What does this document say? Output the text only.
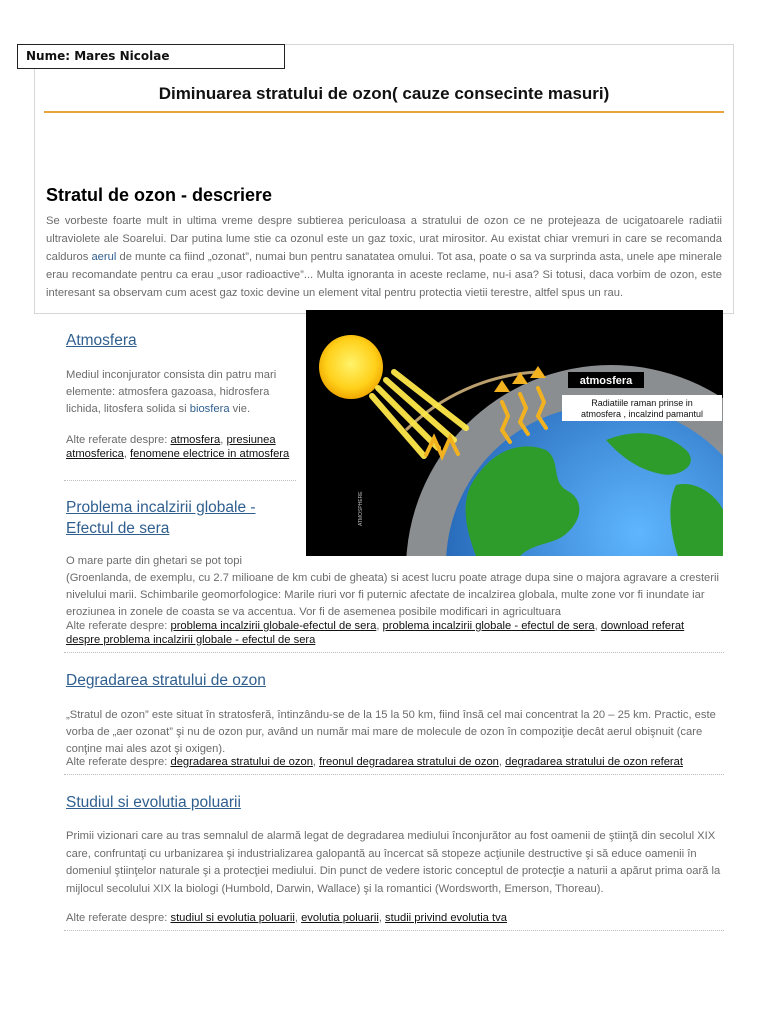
Nume: Mares Nicolae
Diminuarea stratului de ozon( cauze consecinte masuri)
Stratul de ozon - descriere
Se vorbeste foarte mult in ultima vreme despre subtierea periculoasa a stratului de ozon ce ne protejeaza de ucigatoarele radiatii ultraviolete ale Soarelui. Dar putina lume stie ca ozonul este un gaz toxic, urat mirositor. Au existat chiar vremuri in care se recomanda calduros aerul de munte ca fiind „ozonat”, numai bun pentru sanatatea omului. Tot asa, poate o sa va surprinda asta, unele ape minerale erau recomandate pentru ca erau „usor radioactive”... Multa ignoranta in aceste reclame, nu-i asa? Si totusi, daca vorbim de ozon, este interesant sa observam cum acest gaz toxic devine un element vital pentru protectia vietii terestre, altfel spus un rau.
atmosfera
Radiatiile raman prinse in
atmosfera , incalzind pamantul
ATMOSPHERE
Atmosfera
Mediul inconjurator consista din patru mari elemente: atmosfera gazoasa, hidrosfera lichida, litosfera solida si biosfera vie.
Alte referate despre: atmosfera, presiunea atmosferica, fenomene electrice in atmosfera
Problema incalzirii globale - Efectul de sera
O mare parte din ghetari se pot topi
(Groenlanda, de exemplu, cu 2.7 milioane de km cubi de gheata) si acest lucru poate atrage dupa sine o majora agravare a cresterii nivelului marii. Schimbarile geomorfologice: Marile riuri vor fi puternic afectate de incalzirea globala, multe zone vor fi inundate iar eroziunea in zonele de coasta se va accentua. Vor fi de asemenea posibile modificari in agricultuara
Alte referate despre: problema incalzirii globale-efectul de sera, problema incalzirii globale - efectul de sera, download referat despre problema incalzirii globale - efectul de sera
Degradarea stratului de ozon
„Stratul de ozon” este situat în stratosferă, întinzându-se de la 15 la 50 km, fiind însă cel mai concentrat la 20 – 25 km. Practic, este vorba de „aer ozonat” şi nu de ozon pur, având un număr mai mare de molecule de ozon în compoziţie decât aerul obişnuit (care conţine mai ales azot şi oxigen).
Alte referate despre: degradarea stratului de ozon, freonul degradarea stratului de ozon, degradarea stratului de ozon referat
Studiul si evolutia poluarii
Primii vizionari care au tras semnalul de alarmă legat de degradarea mediului înconjurător au fost oamenii de ştiinţă din secolul XIX care, confruntaţi cu urbanizarea şi industrializarea galopantă au încercat să stopeze acţiunile destructive şi să educe oamenii în domeniul ştiinţelor naturale şi a protecţiei mediului. Din punct de vedere istoric conceptul de protecţie a naturii a apărut prima oară la mijlocul secolului XIX la biologi (Humbold, Darwin, Wallace) şi la romantici (Wordsworth, Emerson, Thoreau).
Alte referate despre: studiul si evolutia poluarii, evolutia poluarii, studii privind evolutia tva
